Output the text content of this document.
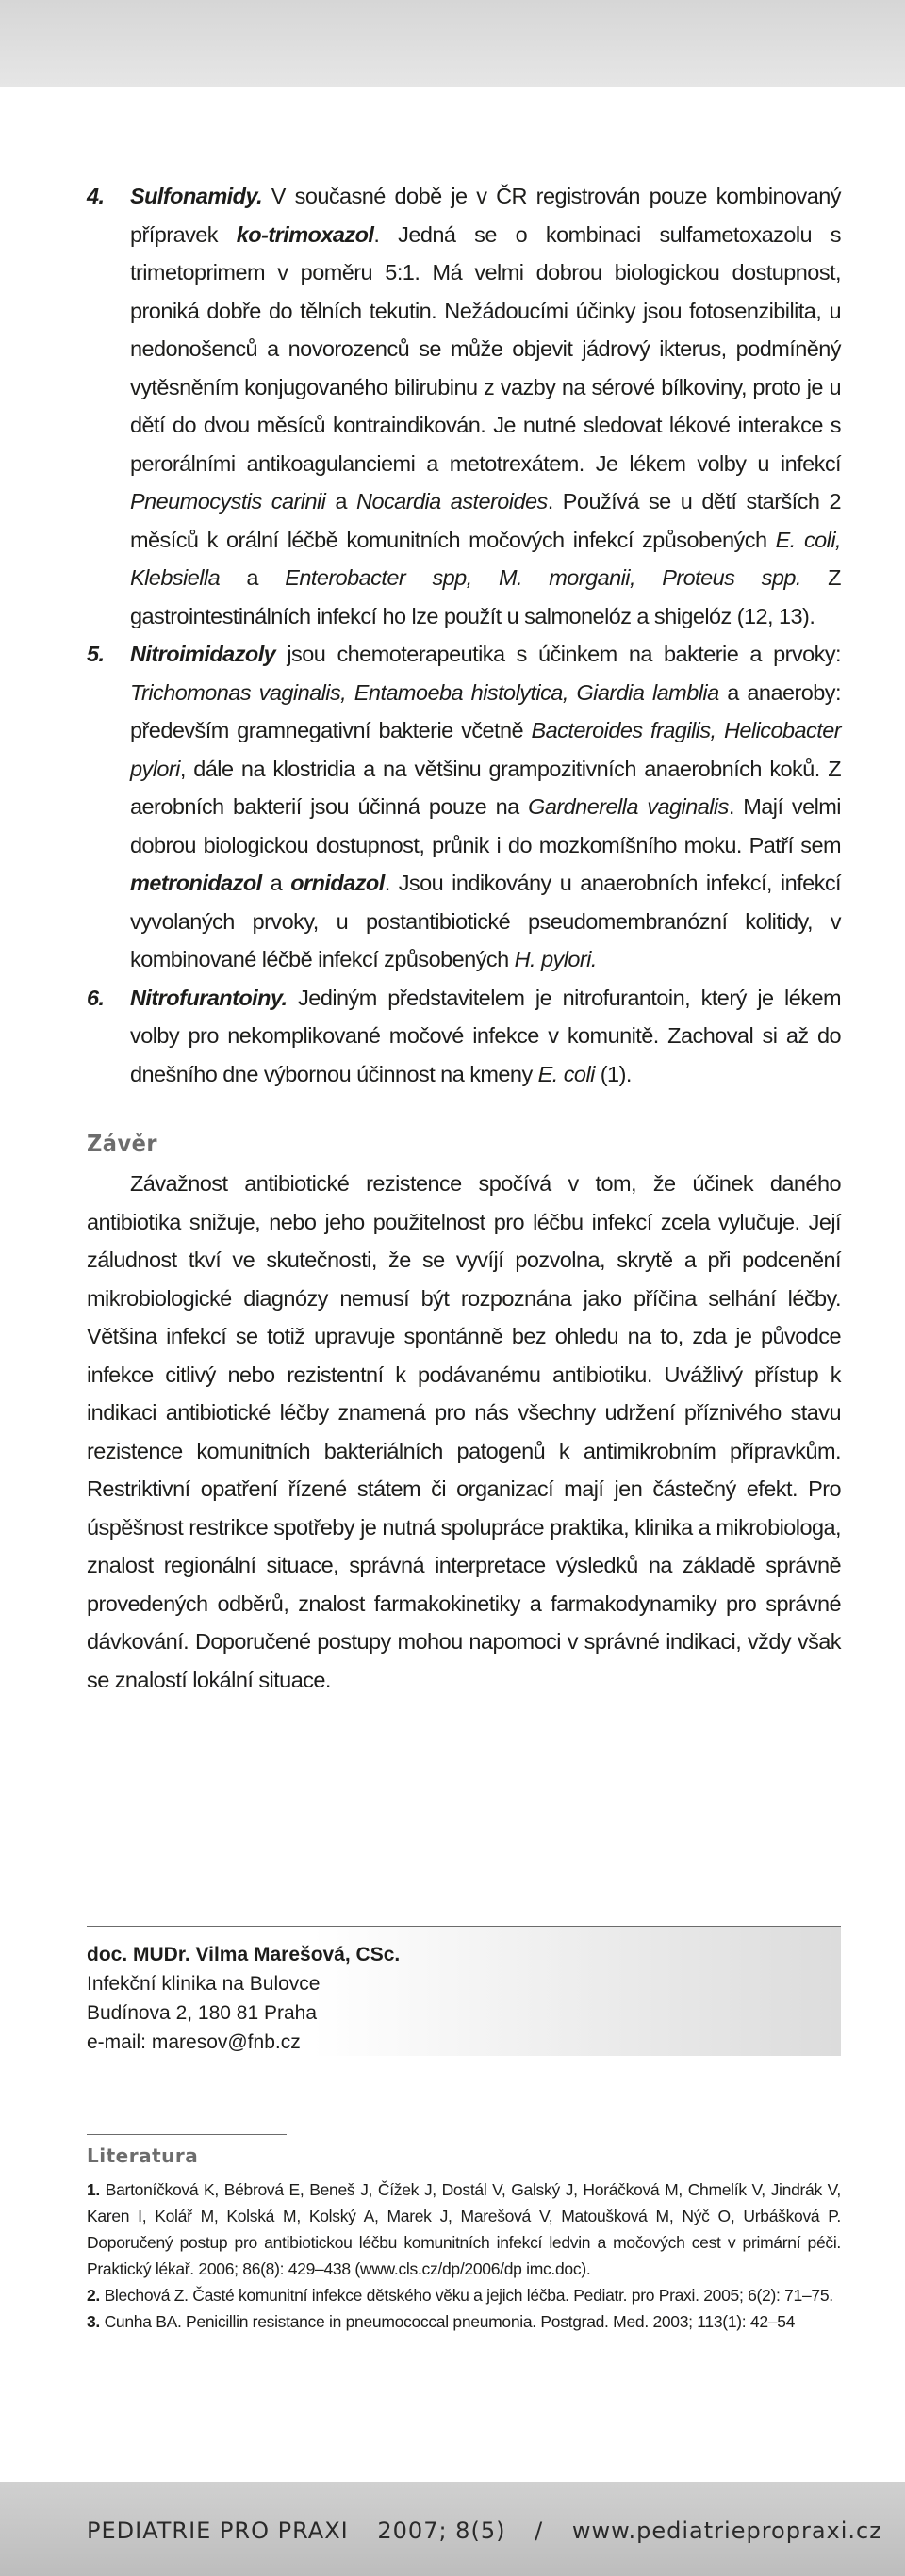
4.	Sulfonamidy. V současné době je v ČR registrován pouze kombinovaný přípravek ko-trimoxazol. Jedná se o kombinaci sulfametoxazolu s trimetoprimem v poměru 5:1. Má velmi dobrou biologickou dostupnost, proniká dobře do tělních tekutin. Nežádoucími účinky jsou fotosenzibilita, u nedonošenců a novorozenců se může objevit jádrový ikterus, podmíněný vytěsněním konjugovaného bilirubinu z vazby na sérové bílkoviny, proto je u dětí do dvou měsíců kontraindikován. Je nutné sledovat lékové interakce s perorálními antikoagulanciemi a metotrexátem. Je lékem volby u infekcí Pneumocystis carinii a Nocardia asteroides. Používá se u dětí starších 2 měsíců k orální léčbě komunitních močových infekcí způsobených E. coli, Klebsiella a Enterobacter spp, M. morganii, Proteus spp. Z gastrointestinálních infekcí ho lze použít u salmonelóz a shigelóz (12, 13).
5.	Nitroimidazoly jsou chemoterapeutika s účinkem na bakterie a prvoky: Trichomonas vaginalis, Entamoeba histolytica, Giardia lamblia a anaeroby: především gramnegativní bakterie včetně Bacteroides fragilis, Helicobacter pylori, dále na klostridia a na většinu grampozitivních anaerobních koků. Z aerobních bakterií jsou účinná pouze na Gardnerella vaginalis. Mají velmi dobrou biologickou dostupnost, průnik i do mozkomíšního moku. Patří sem metronidazol a ornidazol. Jsou indikovány u anaerobních infekcí, infekcí vyvolaných prvoky, u postantibiotické pseudomembranózní kolitidy, v kombinované léčbě infekcí způsobených H. pylori.
6.	Nitrofurantoiny. Jediným představitelem je nitrofurantoin, který je lékem volby pro nekomplikované močové infekce v komunitě. Zachoval si až do dnešního dne výbornou účinnost na kmeny E. coli (1).
Závěr
Závažnost antibiotické rezistence spočívá v tom, že účinek daného antibiotika snižuje, nebo jeho použitelnost pro léčbu infekcí zcela vylučuje. Její záludnost tkví ve skutečnosti, že se vyvíjí pozvolna, skrytě a při podcenění mikrobiologické diagnózy nemusí být rozpoznána jako příčina selhání léčby. Většina infekcí se totiž upravuje spontánně bez ohledu na to, zda je původce infekce citlivý nebo rezistentní k podávanému antibiotiku. Uvážlivý přístup k indikaci antibiotické léčby znamená pro nás všechny udržení příznivého stavu rezistence komunitních bakteriálních patogenů k antimikrobním přípravkům. Restriktivní opatření řízené státem či organizací mají jen částečný efekt. Pro úspěšnost restrikce spotřeby je nutná spolupráce praktika, klinika a mikrobiologa, znalost regionální situace, správná interpretace výsledků na základě správně provedených odběrů, znalost farmakokinetiky a farmakodynamiky pro správné dávkování. Doporučené postupy mohou napomoci v správné indikaci, vždy však se znalostí lokální situace.
doc. MUDr. Vilma Marešová, CSc.
Infekční klinika na Bulovce
Budínova 2, 180 81 Praha
e-mail: maresov@fnb.cz
Literatura
1. Bartoníčková K, Bébrová E, Beneš J, Čížek J, Dostál V, Galský J, Horáčková M, Chmelík V, Jindrák V, Karen I, Kolář M, Kolská M, Kolský A, Marek J, Marešová V, Matoušková M, Nýč O, Urbášková P. Doporučený postup pro antibiotickou léčbu komunitních infekcí ledvin a močových cest v primární péči. Praktický lékař. 2006; 86(8): 429–438 (www.cls.cz/dp/2006/dp imc.doc).
2. Blechová Z. Časté komunitní infekce dětského věku a jejich léčba. Pediatr. pro Praxi. 2005; 6(2): 71–75.
3. Cunha BA. Penicillin resistance in pneumococcal pneumonia. Postgrad. Med. 2003; 113(1): 42–54
PEDIATRIE PRO PRAXI 2007; 8(5) / www.pediatriepropraxi.cz
